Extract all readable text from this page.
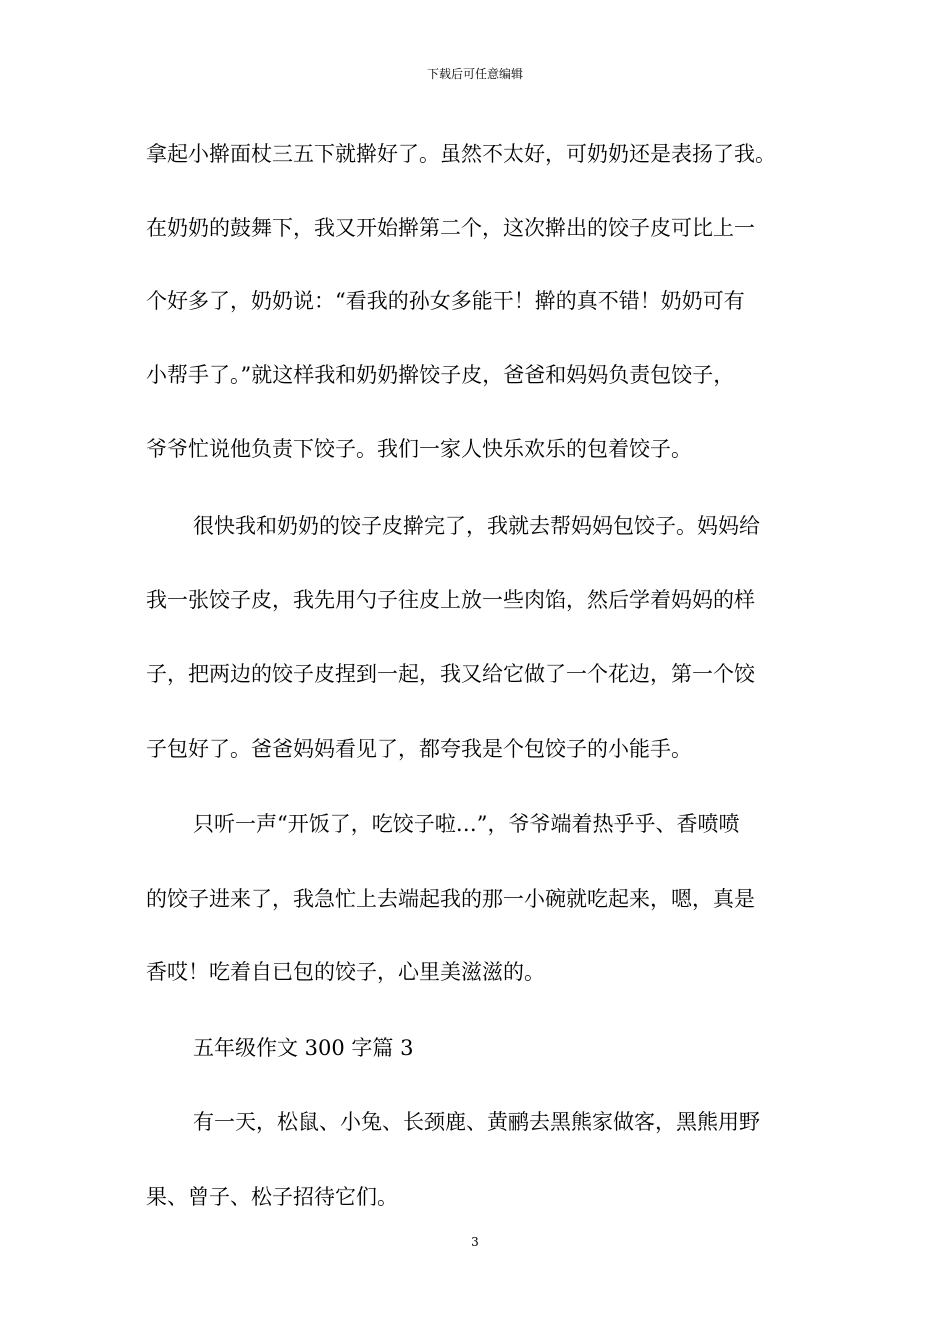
下载后可任意编辑
拿起小擀面杖三五下就擀好了。虽然不太好，可奶奶还是表扬了我。
在奶奶的鼓舞下，我又开始擀第二个，这次擀出的饺子皮可比上一
个好多了，奶奶说：“看我的孙女多能干！擀的真不错！奶奶可有
小帮手了。”就这样我和奶奶擀饺子皮，爸爸和妈妈负责包饺子，
爷爷忙说他负责下饺子。我们一家人快乐欢乐的包着饺子。
很快我和奶奶的饺子皮擀完了，我就去帮妈妈包饺子。妈妈给
我一张饺子皮，我先用勺子往皮上放一些肉馅，然后学着妈妈的样
子，把两边的饺子皮捏到一起，我又给它做了一个花边，第一个饺
子包好了。爸爸妈妈看见了，都夸我是个包饺子的小能手。
只听一声“开饭了，吃饺子啦…”，爷爷端着热乎乎、香喷喷
的饺子进来了，我急忙上去端起我的那一小碗就吃起来，嗯，真是
香哎！吃着自已包的饺子，心里美滋滋的。
五年级作文 300 字篇 3
有一天，松鼠、小兔、长颈鹿、黄鹂去黑熊家做客，黑熊用野
果、曾子、松子招待它们。
3
